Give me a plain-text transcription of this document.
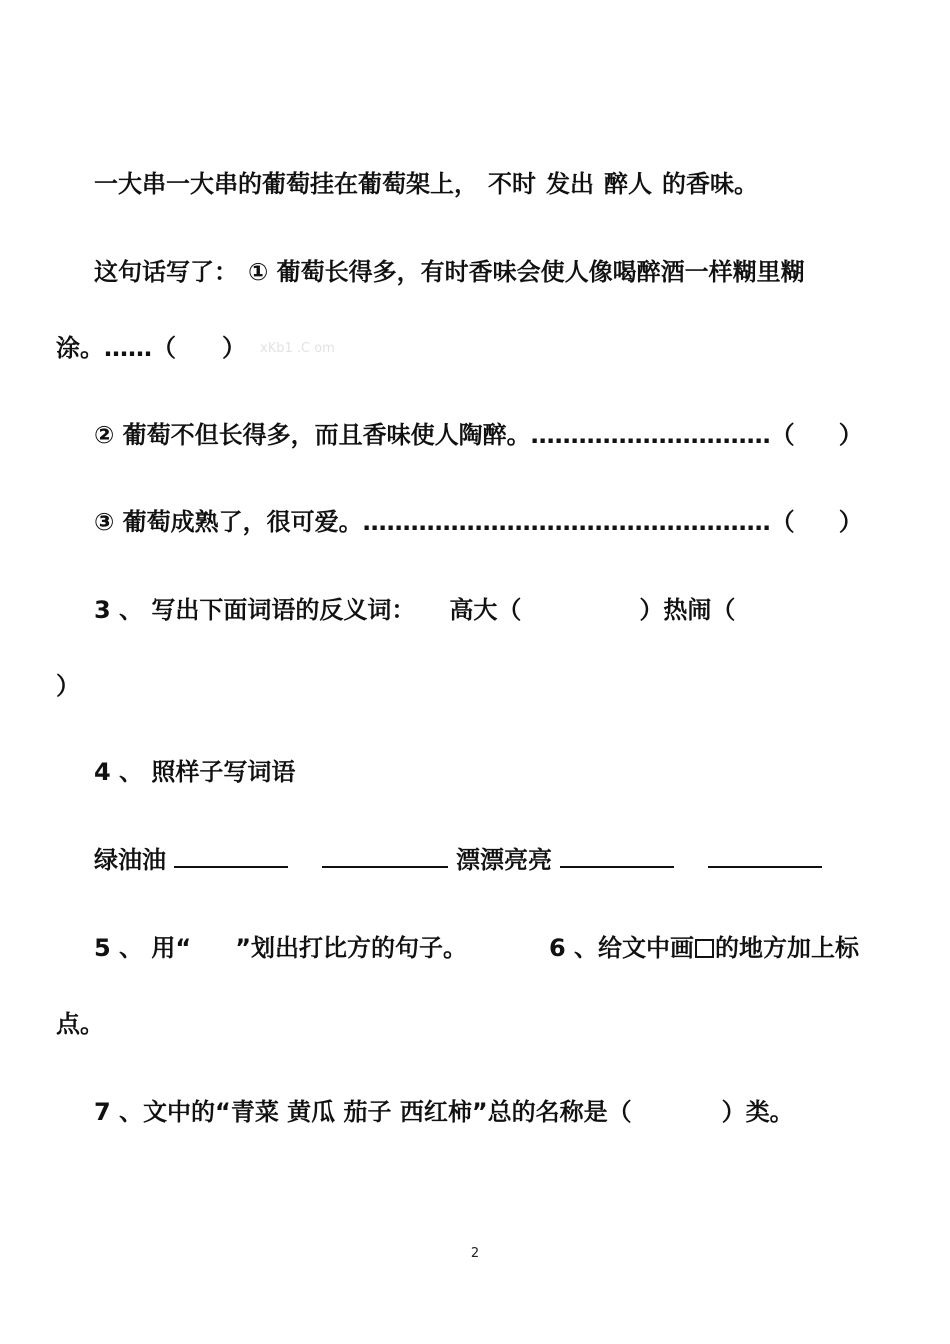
一大串一大串的葡萄挂在葡萄架上， 不时 发出 醉人 的香味。
这句话写了： ① 葡萄长得多，有时香味会使人像喝醉酒一样糊里糊
涂。……（ ） xKb1 .C om
② 葡萄不但长得多，而且香味使人陶醉。…………………………（ ）
③ 葡萄成熟了，很可爱。……………………………………………（ ）
3 、 写出下面词语的反义词： 高大（	）热闹（
）
4 、 照样子写词语
绿油油	漂漂亮亮
5 、 用“ ”划出打比方的句子。	6 、给文中画 的地方加上标
点。
7 、文中的“青菜 黄瓜 茄子 西红柿”总的名称是（	）类。
2
